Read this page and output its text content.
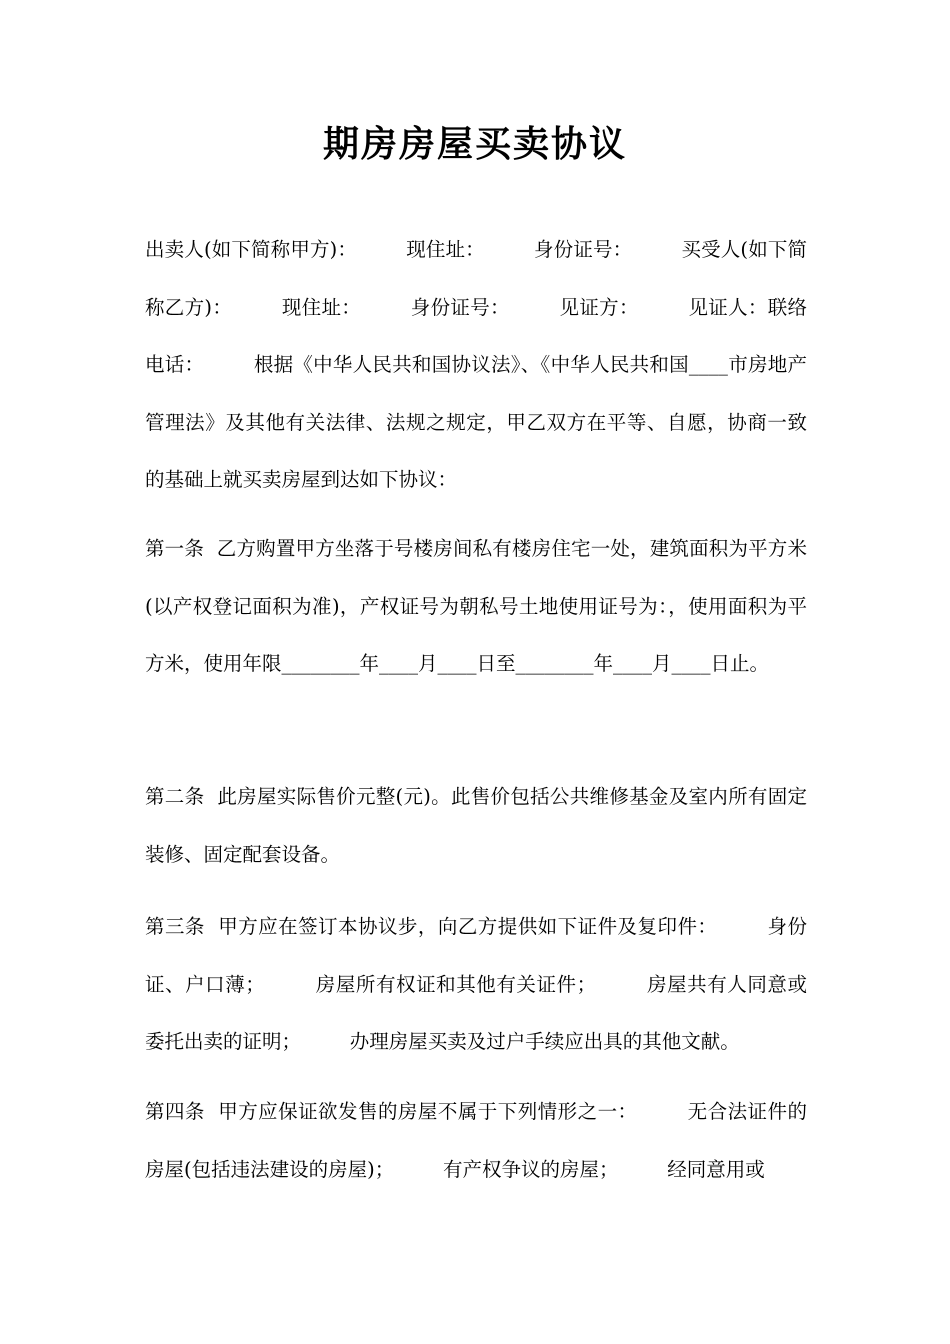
期房房屋买卖协议
出卖人(如下简称甲方)：　　　现住址：　　　身份证号：　　　买受人(如下简称乙方)：　　　现住址：　　　身份证号：　　　见证方：　　　见证人：联络电话：　　　根据《中华人民共和国协议法》、《中华人民共和国____市房地产管理法》及其他有关法律、法规之规定，甲乙双方在平等、自愿，协商一致的基础上就买卖房屋到达如下协议：
第一条  乙方购置甲方坐落于号楼房间私有楼房住宅一处，建筑面积为平方米(以产权登记面积为准)，产权证号为朝私号土地使用证号为：，使用面积为平方米，使用年限________年____月____日至________年____月____日止。
第二条  此房屋实际售价元整(元)。此售价包括公共维修基金及室内所有固定装修、固定配套设备。
第三条  甲方应在签订本协议步，向乙方提供如下证件及复印件：　　　身份证、户口薄；　　　房屋所有权证和其他有关证件；　　　房屋共有人同意或委托出卖的证明；　　　办理房屋买卖及过户手续应出具的其他文献。
第四条  甲方应保证欲发售的房屋不属于下列情形之一：　　　无合法证件的房屋(包括违法建设的房屋)；　　　有产权争议的房屋；　　　经同意用或
